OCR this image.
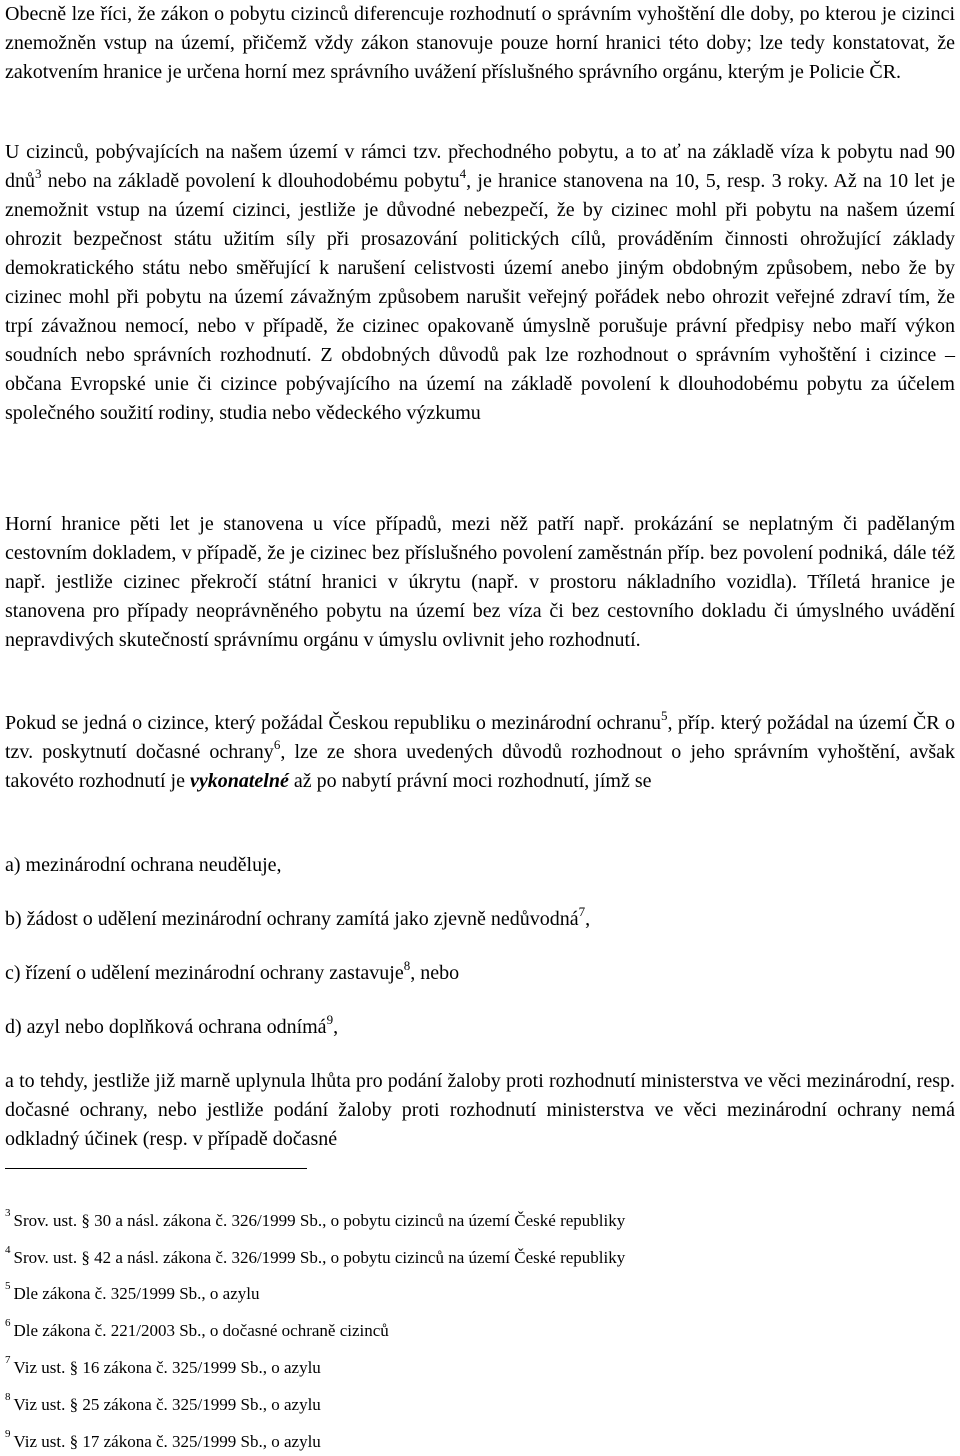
Obecně lze říci, že zákon o pobytu cizinců diferencuje rozhodnutí o správním vyhoštění dle doby, po kterou je cizinci znemožněn vstup na území, přičemž vždy zákon stanovuje pouze horní hranici této doby; lze tedy konstatovat, že zakotvením hranice je určena horní mez správního uvážení příslušného správního orgánu, kterým je Policie ČR.

U cizinců, pobývajících na našem území v rámci tzv. přechodného pobytu, a to ať na základě víza k pobytu nad 90 dnů$^3$ nebo na základě povolení k dlouhodobému pobytu$^4$, je hranice stanovena na 10, 5, resp. 3 roky. Až na 10 let je znemožnit vstup na území cizinci, jestliže je důvodné nebezpečí, že by cizinec mohl při pobytu na našem území ohrozit bezpečnost státu užitím síly při prosazování politických cílů, prováděním činnosti ohrožující základy demokratického státu nebo směřující k narušení celistvosti území anebo jiným obdobným způsobem, nebo že by cizinec mohl při pobytu na území závažným způsobem narušit veřejný pořádek nebo ohrozit veřejné zdraví tím, že trpí závažnou nemocí, nebo v případě, že cizinec opakovaně úmyslně porušuje právní předpisy nebo maří výkon soudních nebo správních rozhodnutí. Z obdobných důvodů pak lze rozhodnout o správním vyhoštění i cizince – občana Evropské unie či cizince pobývajícího na území na základě povolení k dlouhodobému pobytu za účelem společného soužití rodiny, studia nebo vědeckého výzkumu

Horní hranice pěti let je stanovena u více případů, mezi něž patří např. prokázání se neplatným či padělaným cestovním dokladem, v případě, že je cizinec bez příslušného povolení zaměstnán příp. bez povolení podniká, dále též např. jestliže cizinec překročí státní hranici v úkrytu (např. v prostoru nákladního vozidla). Tříletá hranice je stanovena pro případy neoprávněného pobytu na území bez víza či bez cestovního dokladu či úmyslného uvádění nepravdivých skutečností správnímu orgánu v úmyslu ovlivnit jeho rozhodnutí.

Pokud se jedná o cizince, který požádal Českou republiku o mezinárodní ochranu$^5$, příp. který požádal na území ČR o tzv. poskytnutí dočasné ochrany$^6$, lze ze shora uvedených důvodů rozhodnout o jeho správním vyhoštění, avšak takovéto rozhodnutí je vykonatelné až po nabytí právní moci rozhodnutí, jímž se

a) mezinárodní ochrana neuděluje,

b) žádost o udělení mezinárodní ochrany zamítá jako zjevně nedůvodná$^7$,

c) řízení o udělení mezinárodní ochrany zastavuje$^8$, nebo

d) azyl nebo doplňková ochrana odnímá$^9$,

a to tehdy, jestliže již marně uplynula lhůta pro podání žaloby proti rozhodnutí ministerstva ve věci mezinárodní, resp. dočasné ochrany, nebo jestliže podání žaloby proti rozhodnutí ministerstva ve věci mezinárodní ochrany nemá odkladný účinek (resp. v případě dočasné

$^3$ Srov. ust. § 30 a násl. zákona č. 326/1999 Sb., o pobytu cizinců na území České republiky

$^4$ Srov. ust. § 42 a násl. zákona č. 326/1999 Sb., o pobytu cizinců na území České republiky

$^5$ Dle zákona č. 325/1999 Sb., o azylu

$^6$ Dle zákona č. 221/2003 Sb., o dočasné ochraně cizinců

$^7$ Viz ust. § 16 zákona č. 325/1999 Sb., o azylu

$^8$ Viz ust. § 25 zákona č. 325/1999 Sb., o azylu

$^9$ Viz ust. § 17 zákona č. 325/1999 Sb., o azylu
